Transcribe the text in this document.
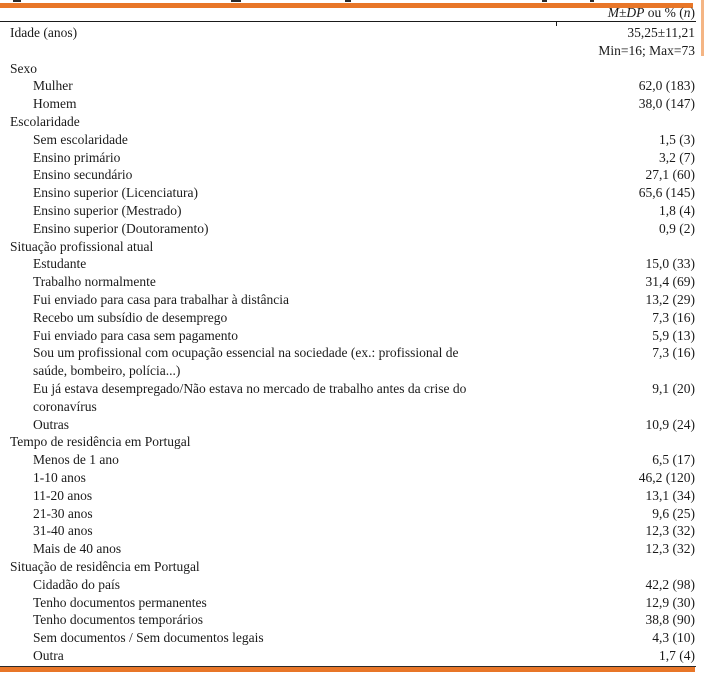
M±DP ou % (n)
Idade (anos)	35,25±11,21
Min=16; Max=73
Sexo
Mulher	62,0 (183)
Homem	38,0 (147)
Escolaridade
Sem escolaridade	1,5 (3)
Ensino primário	3,2 (7)
Ensino secundário	27,1 (60)
Ensino superior (Licenciatura)	65,6 (145)
Ensino superior (Mestrado)	1,8 (4)
Ensino superior (Doutoramento)	0,9 (2)
Situação profissional atual
Estudante	15,0 (33)
Trabalho normalmente	31,4 (69)
Fui enviado para casa para trabalhar à distância	13,2 (29)
Recebo um subsídio de desemprego	7,3 (16)
Fui enviado para casa sem pagamento	5,9 (13)
Sou um profissional com ocupação essencial na sociedade (ex.: profissional de
saúde, bombeiro, polícia...)
7,3 (16)
Eu já estava desempregado/Não estava no mercado de trabalho antes da crise do
coronavírus
9,1 (20)
Outras	10,9 (24)
Tempo de residência em Portugal
Menos de 1 ano	6,5 (17)
1-10 anos	46,2 (120)
11-20 anos	13,1 (34)
21-30 anos	9,6 (25)
31-40 anos	12,3 (32)
Mais de 40 anos	12,3 (32)
Situação de residência em Portugal
Cidadão do país	42,2 (98)
Tenho documentos permanentes	12,9 (30)
Tenho documentos temporários	38,8 (90)
Sem documentos / Sem documentos legais	4,3 (10)
Outra	1,7 (4)
